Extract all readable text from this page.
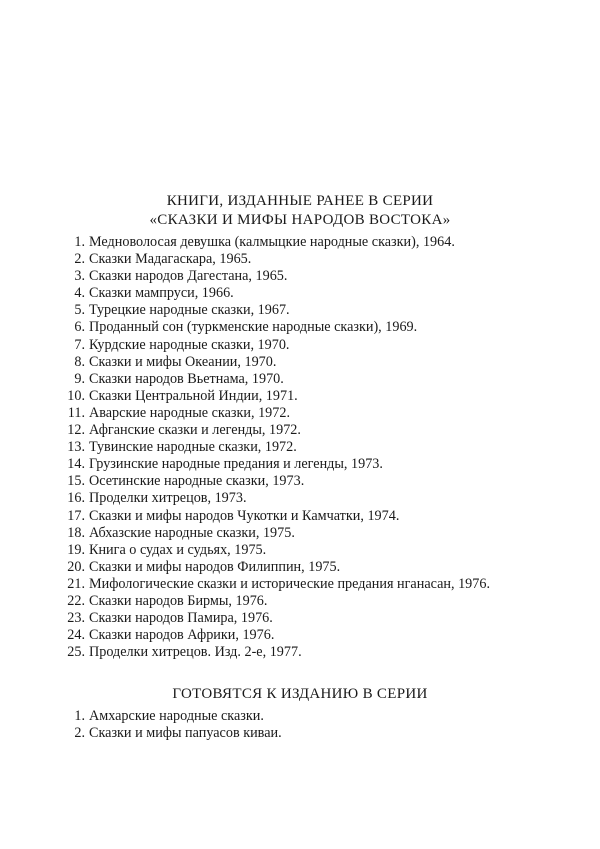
КНИГИ, ИЗДАННЫЕ РАНЕЕ В СЕРИИ
«СКАЗКИ И МИФЫ НАРОДОВ ВОСТОКА»
1. Медноволосая девушка (калмыцкие народные сказки), 1964.
2. Сказки Мадагаскара, 1965.
3. Сказки народов Дагестана, 1965.
4. Сказки мампруси, 1966.
5. Турецкие народные сказки, 1967.
6. Проданный сон (туркменские народные сказки), 1969.
7. Курдские народные сказки, 1970.
8. Сказки и мифы Океании, 1970.
9. Сказки народов Вьетнама, 1970.
10. Сказки Центральной Индии, 1971.
11. Аварские народные сказки, 1972.
12. Афганские сказки и легенды, 1972.
13. Тувинские народные сказки, 1972.
14. Грузинские народные предания и легенды, 1973.
15. Осетинские народные сказки, 1973.
16. Проделки хитрецов, 1973.
17. Сказки и мифы народов Чукотки и Камчатки, 1974.
18. Абхазские народные сказки, 1975.
19. Книга о судах и судьях, 1975.
20. Сказки и мифы народов Филиппин, 1975.
21. Мифологические сказки и исторические предания нганасан, 1976.
22. Сказки народов Бирмы, 1976.
23. Сказки народов Памира, 1976.
24. Сказки народов Африки, 1976.
25. Проделки хитрецов. Изд. 2-е, 1977.
ГОТОВЯТСЯ К ИЗДАНИЮ В СЕРИИ
1. Амхарские народные сказки.
2. Сказки и мифы папуасов киваи.
